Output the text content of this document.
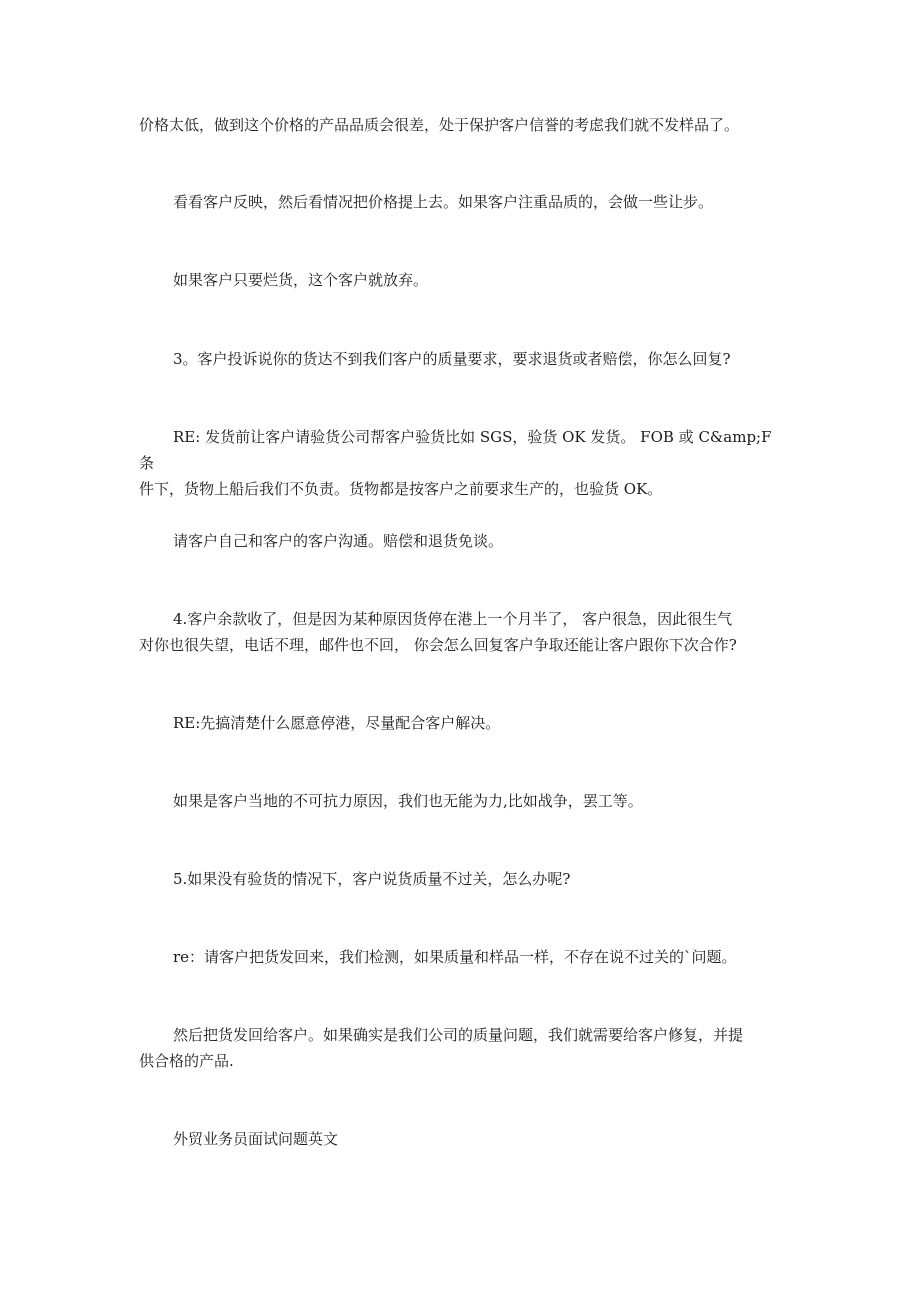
价格太低，做到这个价格的产品品质会很差，处于保护客户信誉的考虑我们就不发样品了。

看看客户反映，然后看情况把价格提上去。如果客户注重品质的，会做一些让步。

如果客户只要烂货，这个客户就放弃。

3。客户投诉说你的货达不到我们客户的质量要求，要求退货或者赔偿，你怎么回复?

RE: 发货前让客户请验货公司帮客户验货比如 SGS，验货 OK 发货。 FOB 或 C&amp;F 条
件下，货物上船后我们不负责。货物都是按客户之前要求生产的，也验货 OK。

请客户自己和客户的客户沟通。赔偿和退货免谈。

4.客户余款收了，但是因为某种原因货停在港上一个月半了， 客户很急，因此很生气
对你也很失望，电话不理，邮件也不回， 你会怎么回复客户争取还能让客户跟你下次合作?

RE:先搞清楚什么愿意停港，尽量配合客户解决。

如果是客户当地的不可抗力原因，我们也无能为力,比如战争，罢工等。

5.如果没有验货的情况下，客户说货质量不过关，怎么办呢?

re：请客户把货发回来，我们检测，如果质量和样品一样，不存在说不过关的`问题。

然后把货发回给客户。如果确实是我们公司的质量问题，我们就需要给客户修复，并提
供合格的产品.

外贸业务员面试问题英文
